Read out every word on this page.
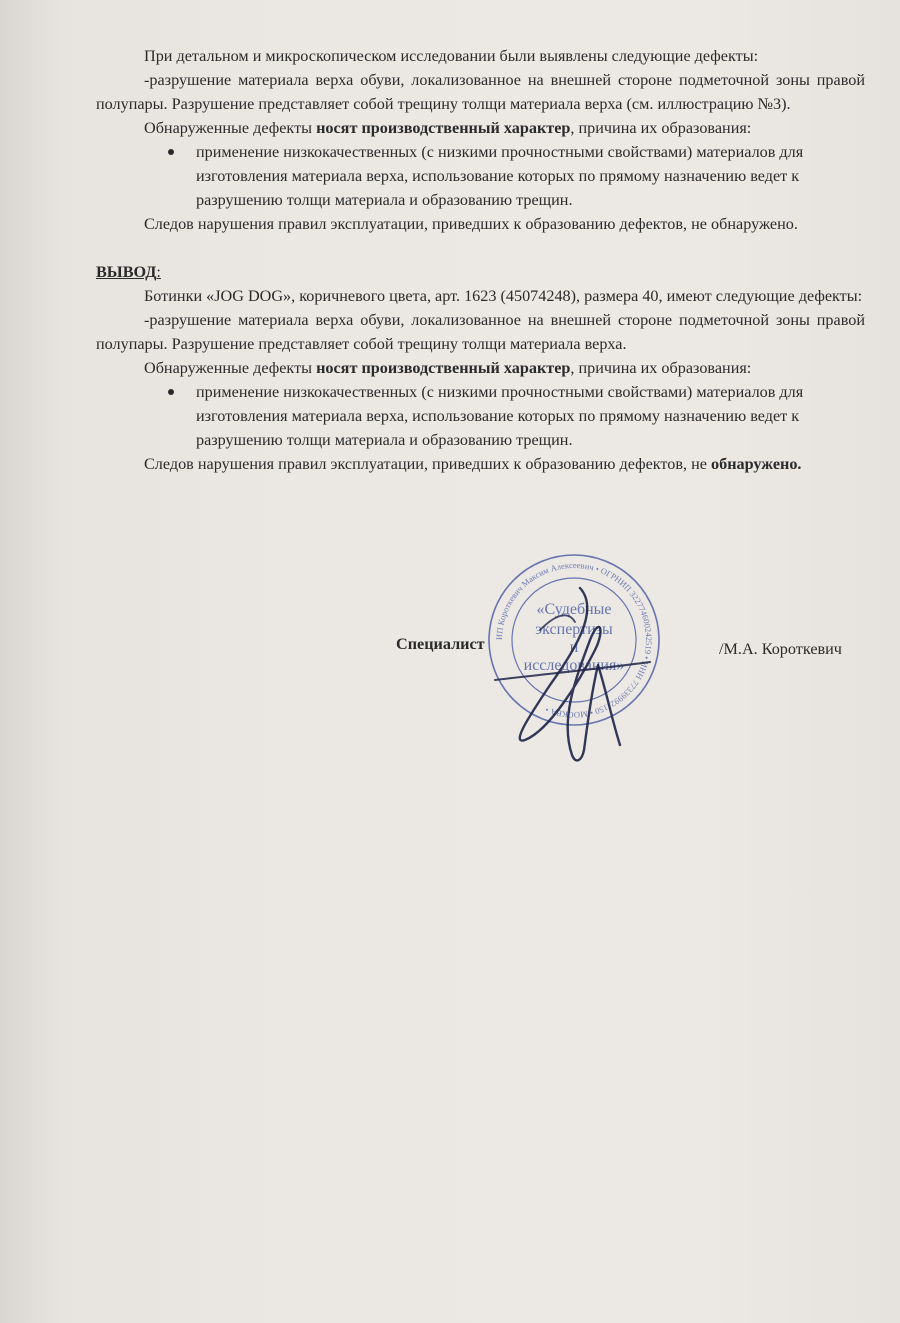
При детальном и микроскопическом исследовании были выявлены следующие дефекты:

-разрушение материала верха обуви, локализованное на внешней стороне подметочной зоны правой полупары. Разрушение представляет собой трещину толщи материала верха (см. иллюстрацию №3).

Обнаруженные дефекты носят производственный характер, причина их образования:

применение низкокачественных (с низкими прочностными свойствами) материалов для изготовления материала верха, использование которых по прямому назначению ведет к разрушению толщи материала и образованию трещин.

Следов нарушения правил эксплуатации, приведших к образованию дефектов, не обнаружено.

ВЫВОД:

Ботинки «JOG DOG», коричневого цвета, арт. 1623 (45074248), размера 40, имеют следующие дефекты:

-разрушение материала верха обуви, локализованное на внешней стороне подметочной зоны правой полупары. Разрушение представляет собой трещину толщи материала верха.

Обнаруженные дефекты носят производственный характер, причина их образования:

применение низкокачественных (с низкими прочностными свойствами) материалов для изготовления материала верха, использование которых по прямому назначению ведет к разрушению толщи материала и образованию трещин.

Следов нарушения правил эксплуатации, приведших к образованию дефектов, не обнаружено.

Специалист	/М.А. Короткевич
ИП Короткевич Максим Алексеевич • ОГРНИП 322774600242519 • ИНН 773399921150 • МОСКВА •
«Судебные
экспертизы
и
исследования»
